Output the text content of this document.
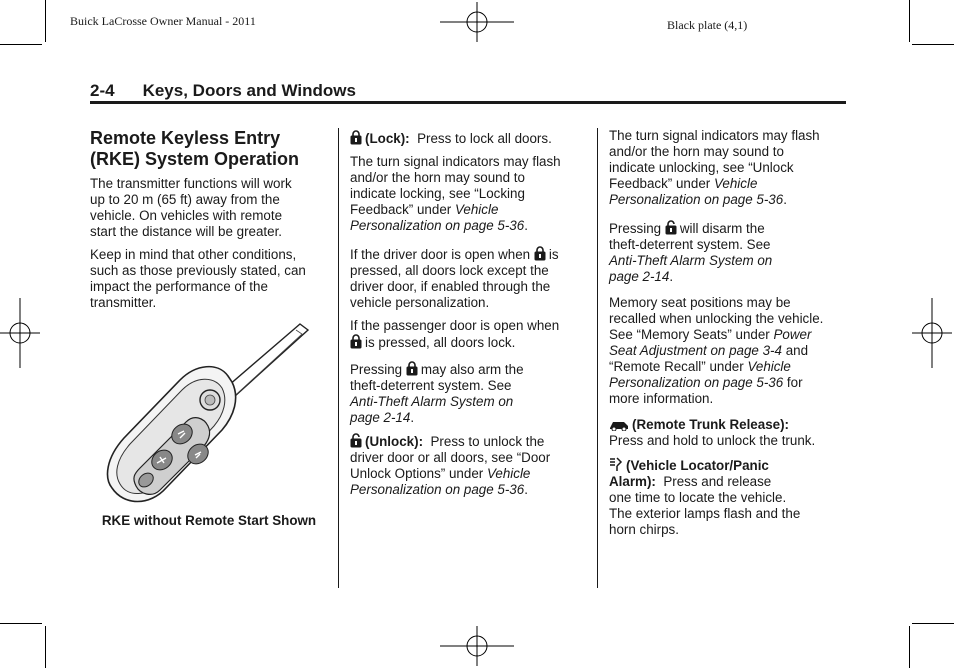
Buick LaCrosse Owner Manual - 2011	Black plate (4,1)
2-4 Keys, Doors and Windows
Remote Keyless Entry
(RKE) System Operation

The transmitter functions will work
up to 20 m (65 ft) away from the
vehicle. On vehicles with remote
start the distance will be greater.

Keep in mind that other conditions,
such as those previously stated, can
impact the performance of the
transmitter.

RKE without Remote Start Shown

(Lock): Press to lock all doors.

The turn signal indicators may flash
and/or the horn may sound to
indicate locking, see “Locking
Feedback” under Vehicle
Personalization on page 5-36.

If the driver door is open when is
pressed, all doors lock except the
driver door, if enabled through the
vehicle personalization.

If the passenger door is open when
is pressed, all doors lock.

Pressing may also arm the
theft-deterrent system. See
Anti-Theft Alarm System on
page 2-14.

(Unlock): Press to unlock the
driver door or all doors, see “Door
Unlock Options” under Vehicle
Personalization on page 5-36.

The turn signal indicators may flash
and/or the horn may sound to
indicate unlocking, see “Unlock
Feedback” under Vehicle
Personalization on page 5-36.

Pressing will disarm the
theft-deterrent system. See
Anti-Theft Alarm System on
page 2-14.

Memory seat positions may be
recalled when unlocking the vehicle.
See “Memory Seats” under Power
Seat Adjustment on page 3-4 and
“Remote Recall” under Vehicle
Personalization on page 5-36 for
more information.

(Remote Trunk Release):
Press and hold to unlock the trunk.

(Vehicle Locator/Panic
Alarm): Press and release
one time to locate the vehicle.
The exterior lamps flash and the
horn chirps.
